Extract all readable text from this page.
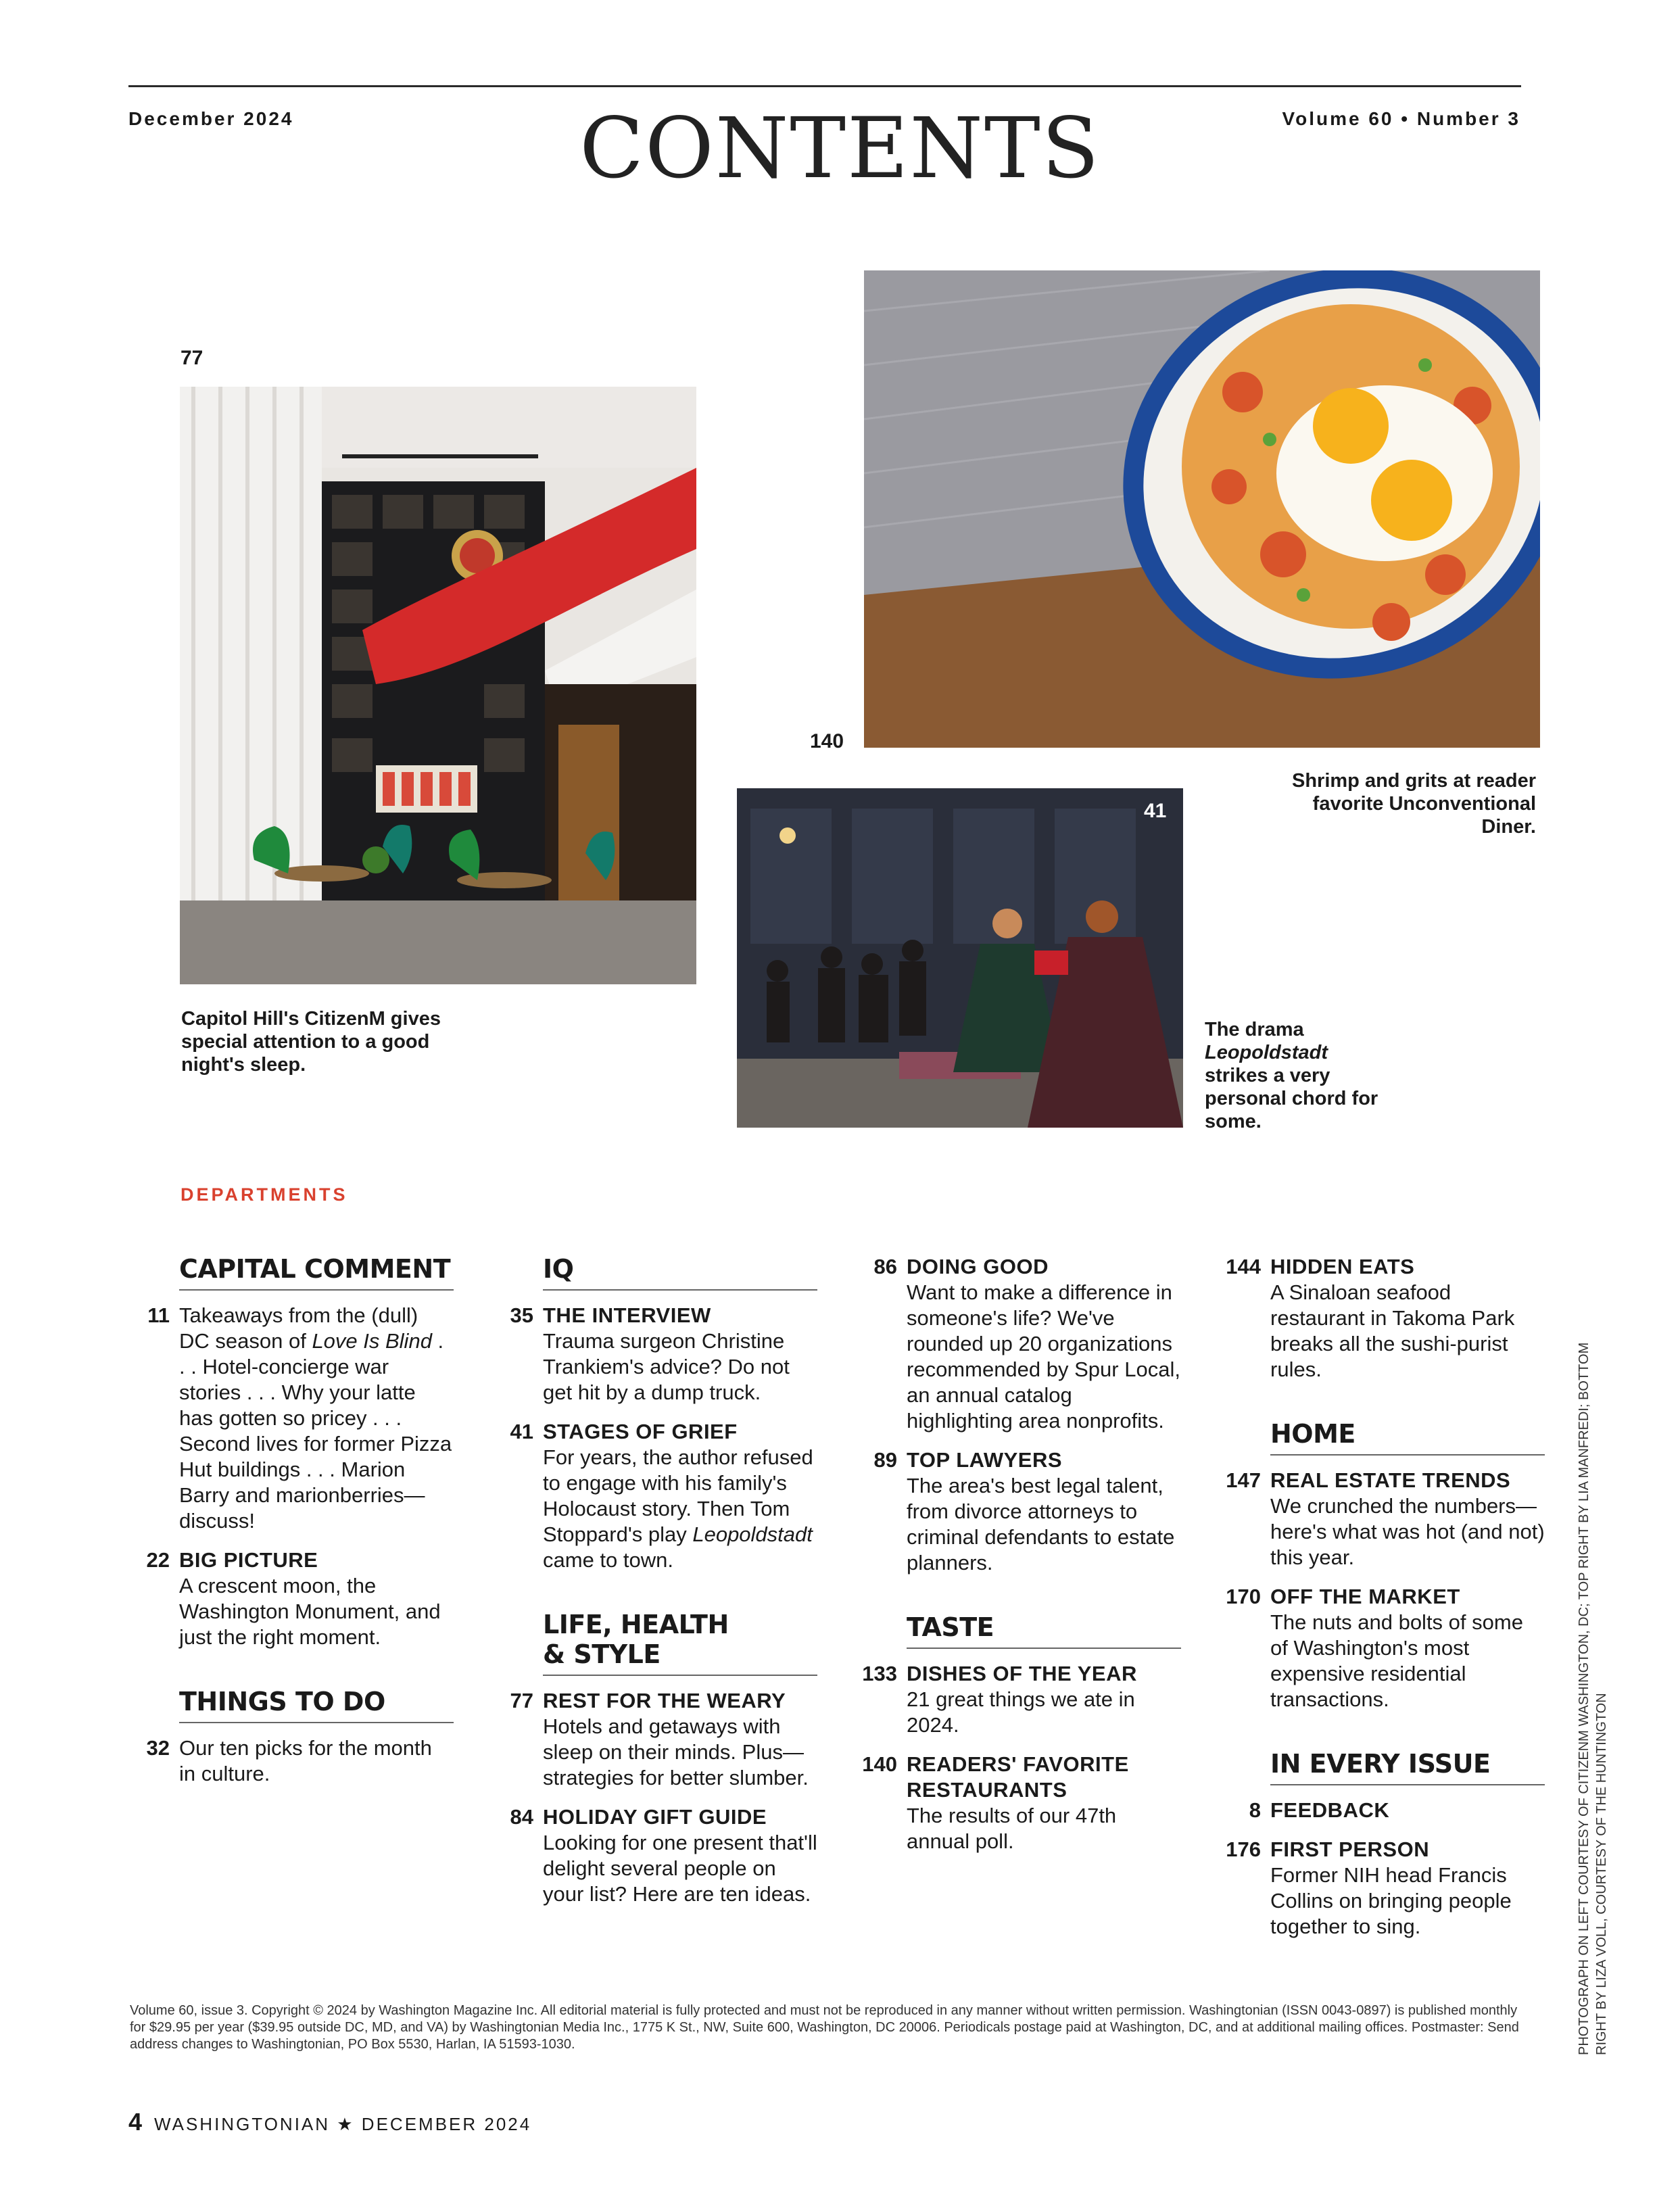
December 2024	CONTENTS	Volume 60 • Number 3
77
Capitol Hill's CitizenM gives special attention to a good night's sleep.
140
Shrimp and grits at reader favorite Unconventional Diner.
41
The drama
Leopoldstadt
strikes a very personal chord for some.
DEPARTMENTS
CAPITAL COMMENT
11 Takeaways from the (dull) DC season of Love Is Blind . . . Hotel-concierge war stories . . . Why your latte has gotten so pricey . . . Second lives for former Pizza Hut buildings . . . Marion Barry and marionberries—discuss!
22 BIG PICTURE
A crescent moon, the Washington Monument, and just the right moment.
THINGS TO DO
32 Our ten picks for the month in culture.
IQ
35 THE INTERVIEW
Trauma surgeon Christine Trankiem's advice? Do not get hit by a dump truck.
41 STAGES OF GRIEF
For years, the author refused to engage with his family's Holocaust story. Then Tom Stoppard's play Leopoldstadt came to town.
LIFE, HEALTH
& STYLE
77 REST FOR THE WEARY
Hotels and getaways with sleep on their minds. Plus—strategies for better slumber.
84 HOLIDAY GIFT GUIDE
Looking for one present that'll delight several people on your list? Here are ten ideas.
86 DOING GOOD
Want to make a difference in someone's life? We've rounded up 20 organizations recommended by Spur Local, an annual catalog highlighting area nonprofits.
89 TOP LAWYERS
The area's best legal talent, from divorce attorneys to criminal defendants to estate planners.
TASTE
133 DISHES OF THE YEAR
21 great things we ate in 2024.
140 READERS' FAVORITE RESTAURANTS
The results of our 47th annual poll.
144 HIDDEN EATS
A Sinaloan seafood restaurant in Takoma Park breaks all the sushi-purist rules.
HOME
147 REAL ESTATE TRENDS
We crunched the numbers—here's what was hot (and not) this year.
170 OFF THE MARKET
The nuts and bolts of some of Washington's most expensive residential transactions.
IN EVERY ISSUE
8 FEEDBACK
176 FIRST PERSON
Former NIH head Francis Collins on bringing people together to sing.	PHOTOGRAPH ON LEFT COURTESY OF CITIZENM WASHINGTON, DC; TOP RIGHT BY LIA MANFREDI; BOTTOM RIGHT BY LIZA VOLL, COURTESY OF THE HUNTINGTON
Volume 60, issue 3. Copyright © 2024 by Washington Magazine Inc. All editorial material is fully protected and must not be reproduced in any manner without written permission. Washingtonian (ISSN 0043-0897) is published monthly for $29.95 per year ($39.95 outside DC, MD, and VA) by Washingtonian Media Inc., 1775 K St., NW, Suite 600, Washington, DC 20006. Periodicals postage paid at Washington, DC, and at additional mailing offices. Postmaster: Send address changes to Washingtonian, PO Box 5530, Harlan, IA 51593-1030.
4 WASHINGTONIAN ★ DECEMBER 2024
